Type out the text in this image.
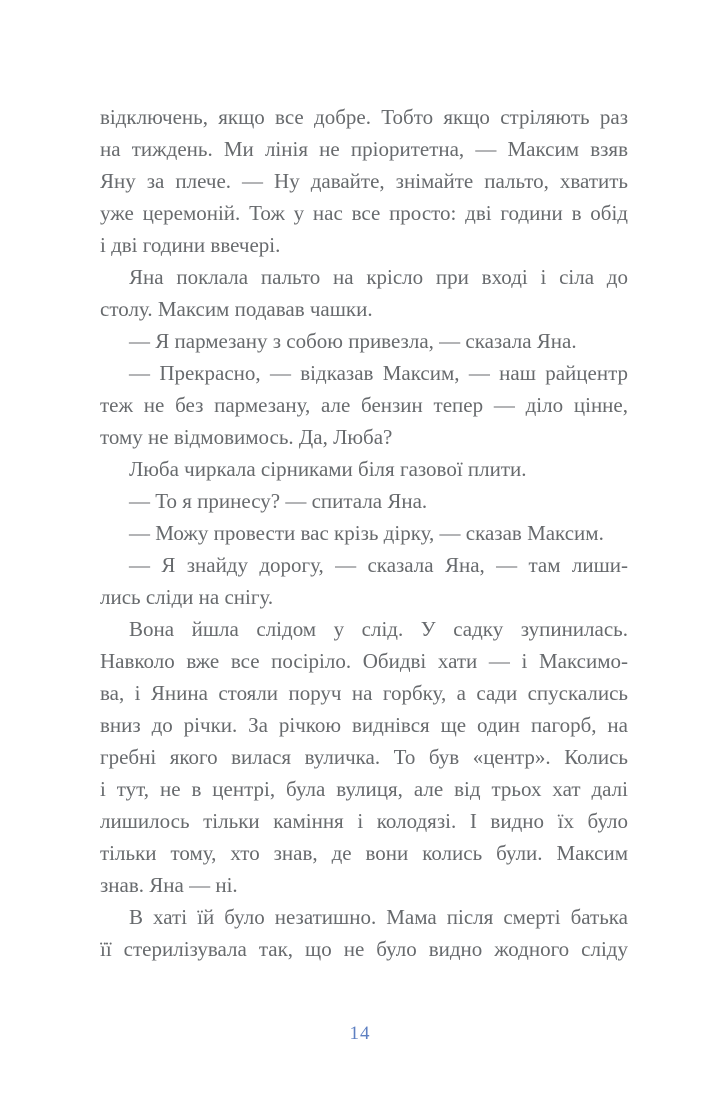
відключень, якщо все добре. Тобто якщо стріляють раз
на тиждень. Ми лінія не пріоритетна, — Максим взяв
Яну за плече. — Ну давайте, знімайте пальто, хватить
уже церемоній. Тож у нас все просто: дві години в обід
і дві години ввечері.
Яна поклала пальто на крісло при вході і сіла до
столу. Максим подавав чашки.
— Я пармезану з собою привезла, — сказала Яна.
— Прекрасно, — відказав Максим, — наш райцентр
теж не без пармезану, але бензин тепер — діло цінне,
тому не відмовимось. Да, Люба?
Люба чиркала сірниками біля газової плити.
— То я принесу? — спитала Яна.
— Можу провести вас крізь дірку, — сказав Максим.
— Я знайду дорогу, — сказала Яна, — там лиши-
лись сліди на снігу.
Вона йшла слідом у слід. У садку зупинилась.
Навколо вже все посіріло. Обидві хати — і Максимо-
ва, і Янина стояли поруч на горбку, а сади спускались
вниз до річки. За річкою виднівся ще один пагорб, на
гребні якого вилася вуличка. То був «центр». Колись
і тут, не в центрі, була вулиця, але від трьох хат далі
лишилось тільки каміння і колодязі. І видно їх було
тільки тому, хто знав, де вони колись були. Максим
знав. Яна — ні.
В хаті їй було незатишно. Мама після смерті батька
її стерилізувала так, що не було видно жодного сліду
14
